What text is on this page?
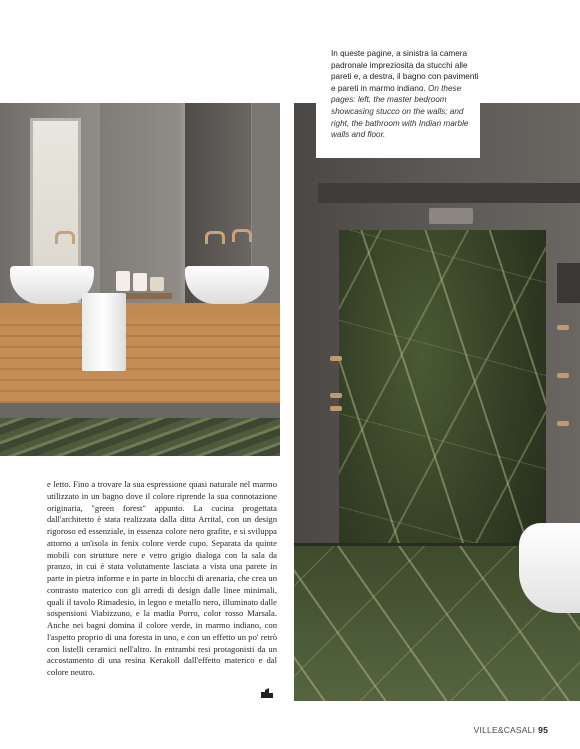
In queste pagine, a sinistra la camera padronale impreziosita da stucchi alle pareti e, a destra, il bagno con pavimenti e pareti in marmo indiano. On these pages: left, the master bedroom showcasing stucco on the walls; and right, the bathroom with Indian marble walls and floor.
e letto. Fino a trovare la sua espressione quasi naturale nel marmo utilizzato in un bagno dove il colore riprende la sua connotazione originaria, "green forest" appunto. La cucina progettata dall'architetto è stata realizzata dalla ditta Arrital, con un design rigoroso ed essenziale, in essenza colore nero grafite, e si sviluppa attorno a un'isola in fenix colore verde cupo. Separata da quinte mobili con strutture nere e vetro grigio dialoga con la sala da pranzo, in cui è stata volutamente lasciata a vista una parete in parte in pietra informe e in parte in blocchi di arenaria, che crea un contrasto materico con gli arredi di design dalle linee minimali, quali il tavolo Rimadesio, in legno e metallo nero, illuminato dalle sospensioni Viabizzuno, e la madia Porro, color rosso Marsala. Anche nei bagni domina il colore verde, in marmo indiano, con l'aspetto proprio di una foresta in uno, e con un effetto un po' retrò con listelli ceramici nell'altro. In entrambi resi protagonisti da un accostamento di una resina Kerakoll dall'effetto materico e dal colore neutro.
VILLE&CASALI 95
